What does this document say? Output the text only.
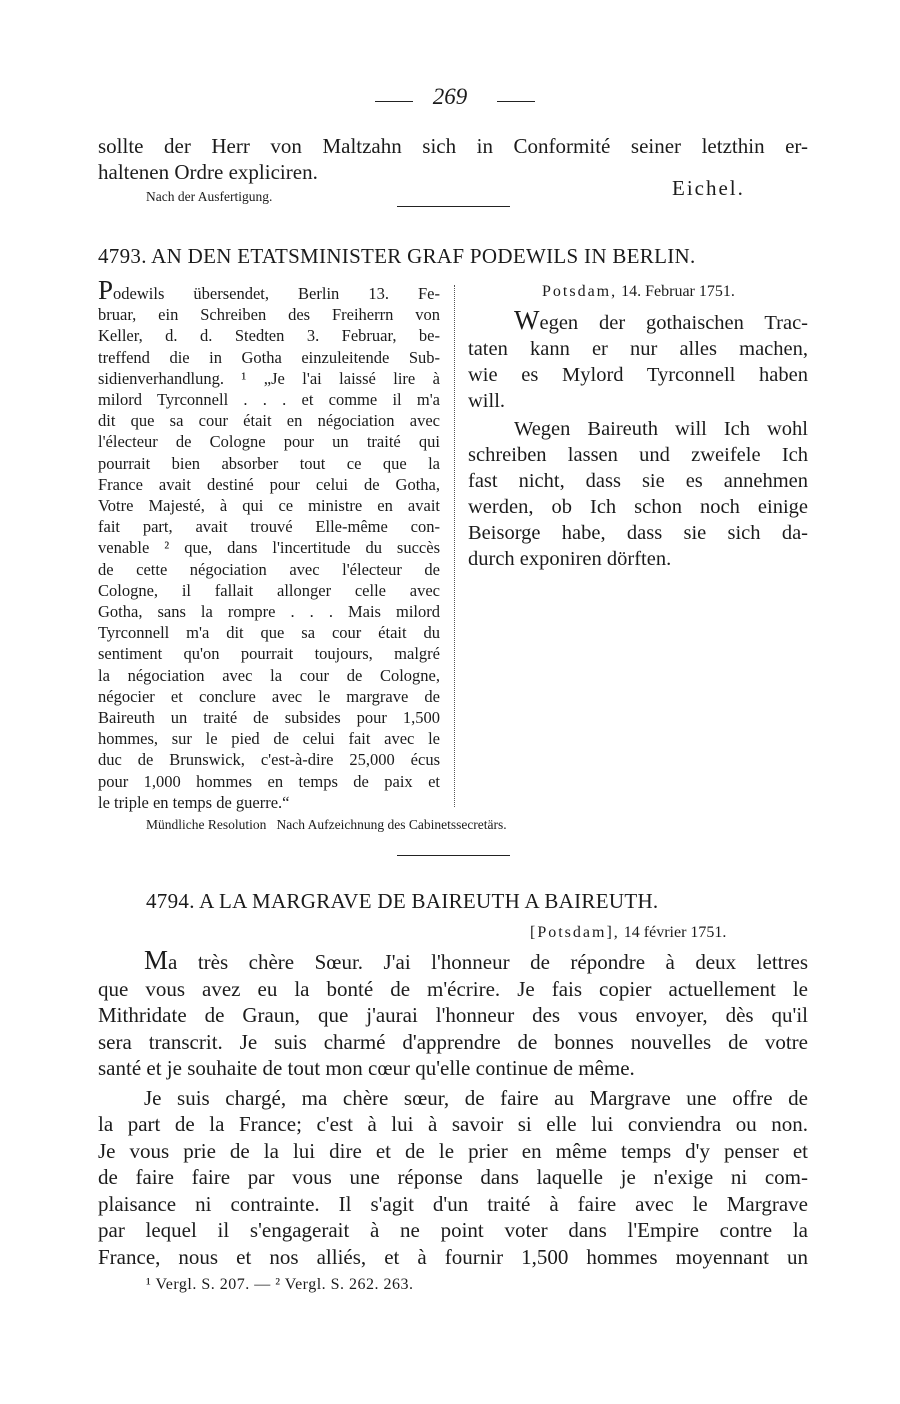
269
sollte der Herr von Maltzahn sich in Conformité seiner letzthin er-
haltenen Ordre expliciren.
Nach der Ausfertigung.	Eichel.
4793. AN DEN ETATSMINISTER GRAF PODEWILS IN BERLIN.
Podewils übersendet, Berlin 13. Fe-
bruar, ein Schreiben des Freiherrn von
Keller, d. d. Stedten 3. Februar, be-
treffend die in Gotha einzuleitende Sub-
sidienverhandlung. ¹ „Je l'ai laissé lire à
milord Tyrconnell . . . et comme il m'a
dit que sa cour était en négociation avec
l'électeur de Cologne pour un traité qui
pourrait bien absorber tout ce que la
France avait destiné pour celui de Gotha,
Votre Majesté, à qui ce ministre en avait
fait part, avait trouvé Elle-même con-
venable ² que, dans l'incertitude du succès
de cette négociation avec l'électeur de
Cologne, il fallait allonger celle avec
Gotha, sans la rompre . . . Mais milord
Tyrconnell m'a dit que sa cour était du
sentiment qu'on pourrait toujours, malgré
la négociation avec la cour de Cologne,
négocier et conclure avec le margrave de
Baireuth un traité de subsides pour 1,500
hommes, sur le pied de celui fait avec le
duc de Brunswick, c'est-à-dire 25,000 écus
pour 1,000 hommes en temps de paix et
le triple en temps de guerre.“
Potsdam, 14. Februar 1751.
Wegen der gothaischen Trac-
taten kann er nur alles machen,
wie es Mylord Tyrconnell haben
will.
Wegen Baireuth will Ich wohl
schreiben lassen und zweifele Ich
fast nicht, dass sie es annehmen
werden, ob Ich schon noch einige
Beisorge habe, dass sie sich da-
durch exponiren dörften.
Mündliche Resolution Nach Aufzeichnung des Cabinetssecretärs.
4794. A LA MARGRAVE DE BAIREUTH A BAIREUTH.
[Potsdam], 14 février 1751.
Ma très chère Sœur. J'ai l'honneur de répondre à deux lettres
que vous avez eu la bonté de m'écrire. Je fais copier actuellement le
Mithridate de Graun, que j'aurai l'honneur des vous envoyer, dès qu'il
sera transcrit. Je suis charmé d'apprendre de bonnes nouvelles de votre
santé et je souhaite de tout mon cœur qu'elle continue de même.
Je suis chargé, ma chère sœur, de faire au Margrave une offre de
la part de la France; c'est à lui à savoir si elle lui conviendra ou non.
Je vous prie de la lui dire et de le prier en même temps d'y penser et
de faire faire par vous une réponse dans laquelle je n'exige ni com-
plaisance ni contrainte. Il s'agit d'un traité à faire avec le Margrave
par lequel il s'engagerait à ne point voter dans l'Empire contre la
France, nous et nos alliés, et à fournir 1,500 hommes moyennant un
¹ Vergl. S. 207. — ² Vergl. S. 262. 263.
